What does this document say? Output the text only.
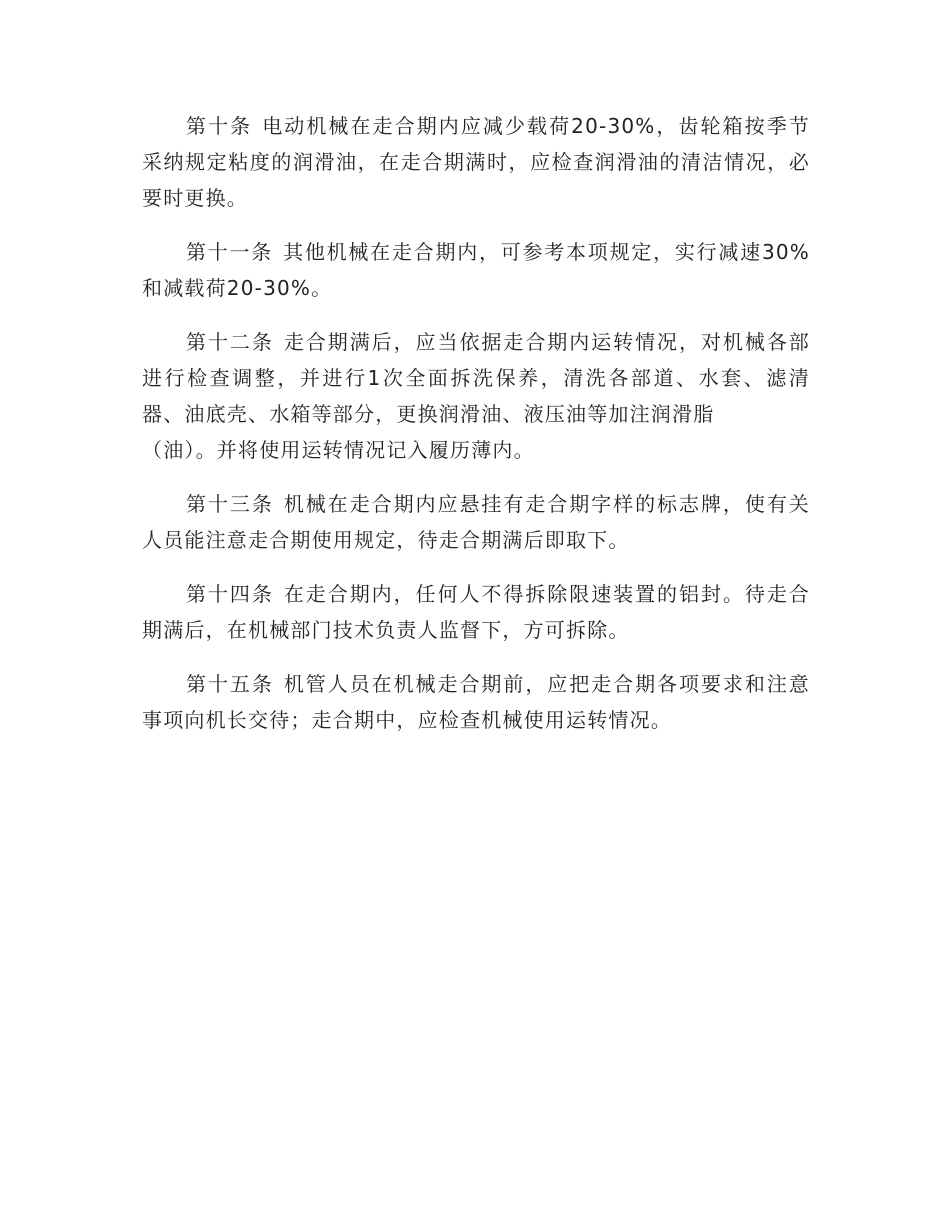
第十条 电动机械在走合期内应减少载荷20-30%，齿轮箱按季节采纳规定粘度的润滑油，在走合期满时，应检查润滑油的清洁情况，必要时更换。

第十一条 其他机械在走合期内，可参考本项规定，实行减速30%和减载荷20-30%。

第十二条 走合期满后，应当依据走合期内运转情况，对机械各部进行检查调整，并进行1次全面拆洗保养，清洗各部道、水套、滤清器、油底壳、水箱等部分，更换润滑油、液压油等加注润滑脂
（油）。并将使用运转情况记入履历薄内。

第十三条 机械在走合期内应悬挂有走合期字样的标志牌，使有关人员能注意走合期使用规定，待走合期满后即取下。

第十四条 在走合期内，任何人不得拆除限速装置的铝封。待走合期满后，在机械部门技术负责人监督下，方可拆除。

第十五条 机管人员在机械走合期前，应把走合期各项要求和注意事项向机长交待；走合期中，应检查机械使用运转情况。
